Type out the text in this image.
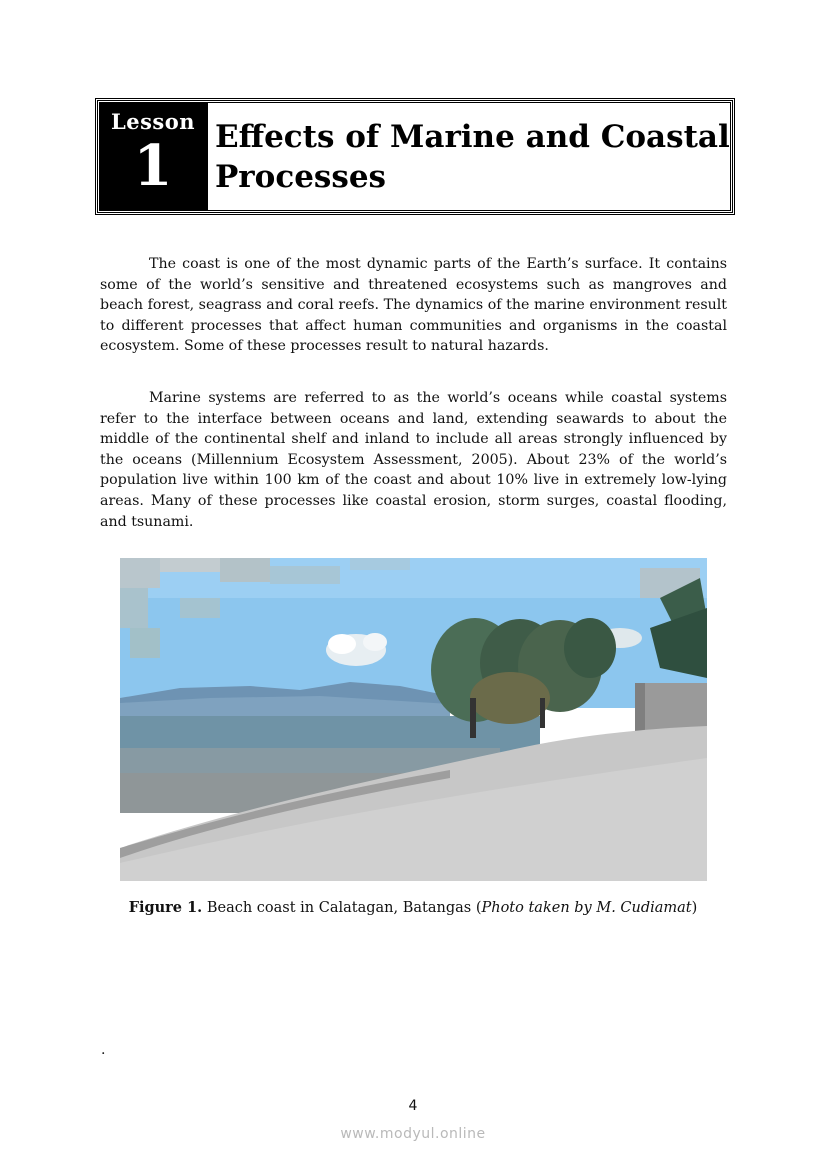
Lesson
1 Effects of Marine and Coastal
Processes

The coast is one of the most dynamic parts of the Earth’s surface. It contains some of the world’s sensitive and threatened ecosystems such as mangroves and beach forest, seagrass and coral reefs. The dynamics of the marine environment result to different processes that affect human communities and organisms in the coastal ecosystem. Some of these processes result to natural hazards.

Marine systems are referred to as the world’s oceans while coastal systems refer to the interface between oceans and land, extending seawards to about the middle of the continental shelf and inland to include all areas strongly influenced by the oceans (Millennium Ecosystem Assessment, 2005). About 23% of the world’s population live within 100 km of the coast and about 10% live in extremely low-lying areas. Many of these processes like coastal erosion, storm surges, coastal flooding, and tsunami.

Figure 1. Beach coast in Calatagan, Batangas (Photo taken by M. Cudiamat)
.
4
www.modyul.online
